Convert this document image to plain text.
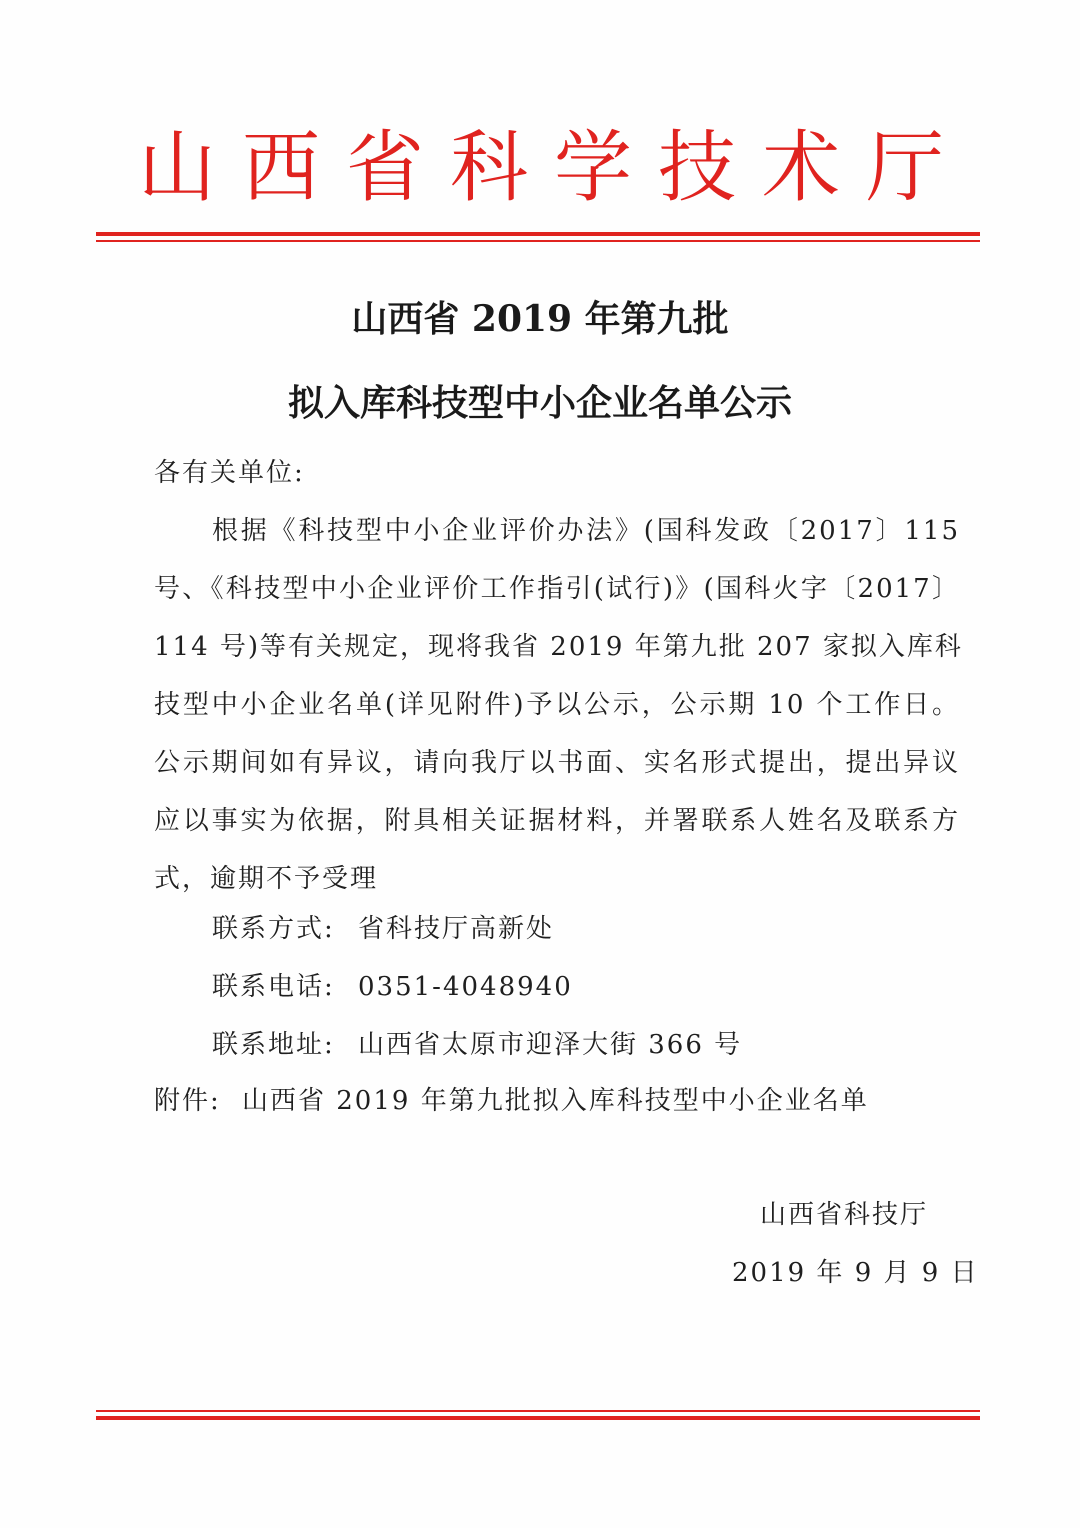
山西省科学技术厅
山西省 2019 年第九批
拟入库科技型中小企业名单公示
各有关单位:
根据《科技型中小企业评价办法》(国科发政〔2017〕115
号、《科技型中小企业评价工作指引(试行)》(国科火字〔2017〕
114 号)等有关规定，现将我省 2019 年第九批 207 家拟入库科
技型中小企业名单(详见附件)予以公示，公示期 10 个工作日。
公示期间如有异议，请向我厅以书面、实名形式提出，提出异议
应以事实为依据，附具相关证据材料，并署联系人姓名及联系方
式，逾期不予受理
联系方式: 省科技厅高新处
联系电话: 0351-4048940
联系地址: 山西省太原市迎泽大街 366 号
附件: 山西省 2019 年第九批拟入库科技型中小企业名单
山西省科技厅
2019 年 9 月 9 日
